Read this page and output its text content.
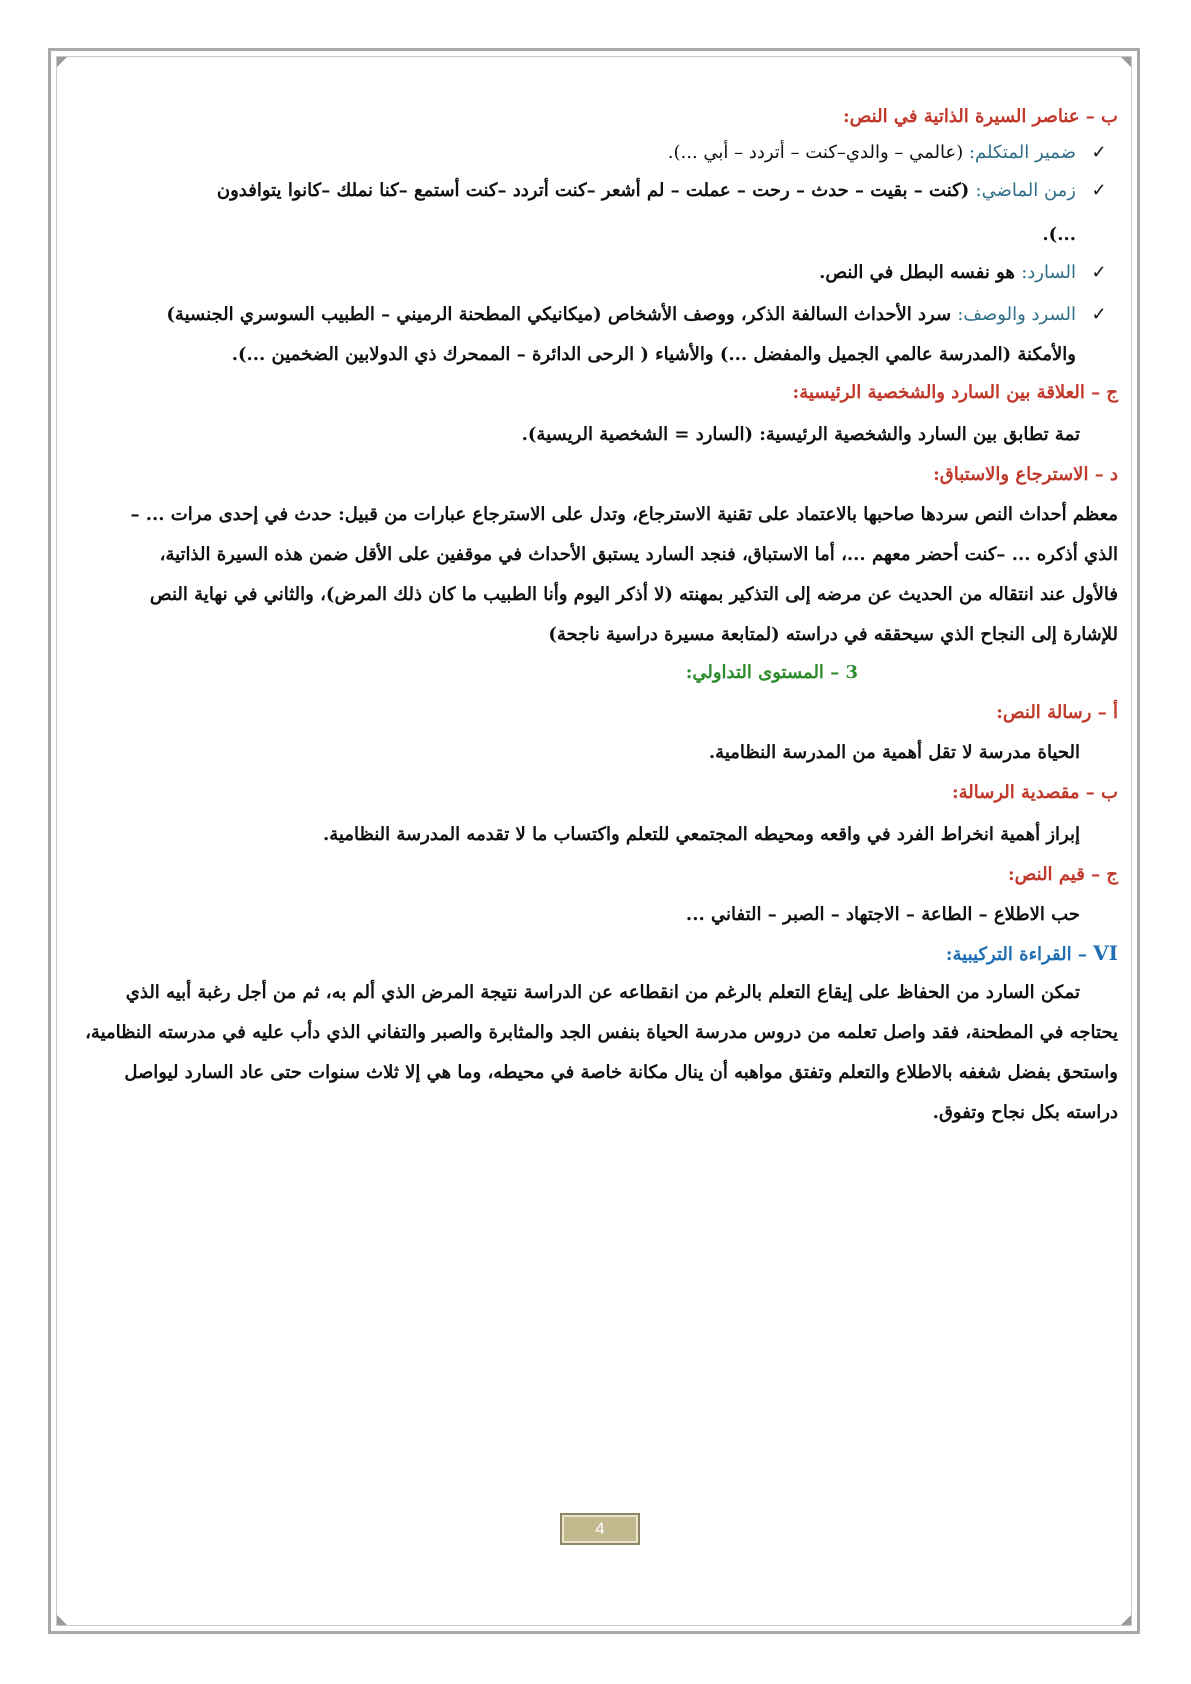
ب – عناصر السيرة الذاتية في النص:
✓ضمير المتكلم: (عالمي – والدي–كنت – أتردد – أبي ...).
✓زمن الماضي: (كنت – بقيت – حدث – رحت – عملت – لم أشعر –كنت أتردد –كنت أستمع –كنا نملك –كانوا يتوافدون
...).
✓السارد: هو نفسه البطل في النص.
✓السرد والوصف: سرد الأحداث السالفة الذكر، ووصف الأشخاص (ميكانيكي المطحنة الرميني – الطبيب السوسري الجنسية)
والأمكنة (المدرسة عالمي الجميل والمفضل ...) والأشياء ( الرحى الدائرة – الممحرك ذي الدولابين الضخمين ...).
ج – العلاقة بين السارد والشخصية الرئيسية:
تمة تطابق بين السارد والشخصية الرئيسية: (السارد = الشخصية الريسية).
د – الاسترجاع والاستباق:
معظم أحداث النص سردها صاحبها بالاعتماد على تقنية الاسترجاع، وتدل على الاسترجاع عبارات من قبيل: حدث في إحدى مرات ... –
الذي أذكره ... –كنت أحضر معهم ...، أما الاستباق، فنجد السارد يستبق الأحداث في موقفين على الأقل ضمن هذه السيرة الذاتية،
فالأول عند انتقاله من الحديث عن مرضه إلى التذكير بمهنته (لا أذكر اليوم وأنا الطبيب ما كان ذلك المرض)، والثاني في نهاية النص
للإشارة إلى النجاح الذي سيحققه في دراسته (لمتابعة مسيرة دراسية ناجحة)
3 – المستوى التداولي:
أ – رسالة النص:
الحياة مدرسة لا تقل أهمية من المدرسة النظامية.
ب – مقصدية الرسالة:
إبراز أهمية انخراط الفرد في واقعه ومحيطه المجتمعي للتعلم واكتساب ما لا تقدمه المدرسة النظامية.
ج – قيم النص:
حب الاطلاع – الطاعة – الاجتهاد – الصبر – التفاني ...
VI – القراءة التركيبية:
تمكن السارد من الحفاظ على إيقاع التعلم بالرغم من انقطاعه عن الدراسة نتيجة المرض الذي ألم به، ثم من أجل رغبة أبيه الذي
يحتاجه في المطحنة، فقد واصل تعلمه من دروس مدرسة الحياة بنفس الجد والمثابرة والصبر والتفاني الذي دأب عليه في مدرسته النظامية،
واستحق بفضل شغفه بالاطلاع والتعلم وتفتق مواهبه أن ينال مكانة خاصة في محيطه، وما هي إلا ثلاث سنوات حتى عاد السارد ليواصل
دراسته بكل نجاح وتفوق.
4
